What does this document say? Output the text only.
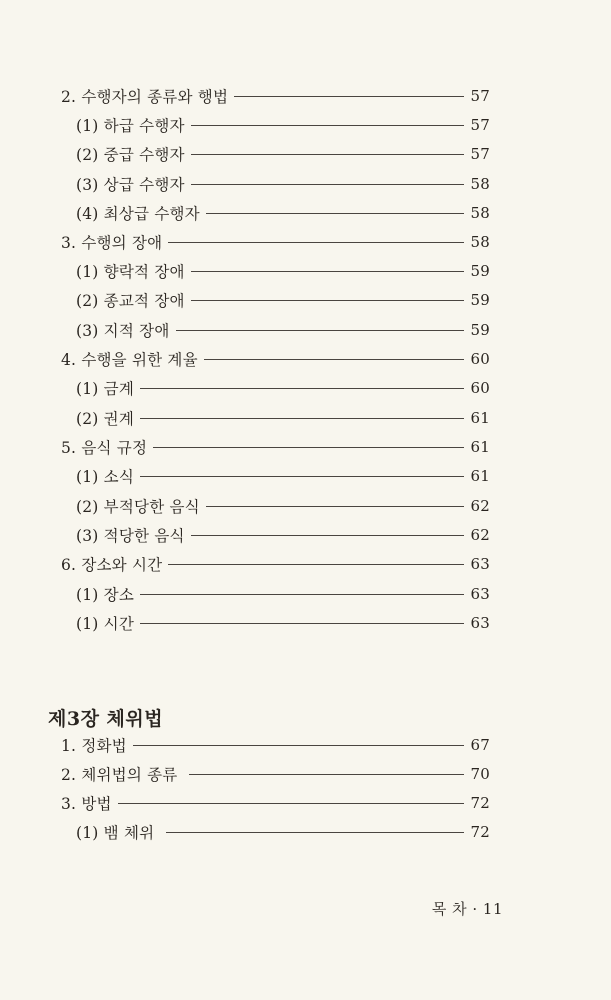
2. 수행자의 종류와 행법	57
(1) 하급 수행자	57
(2) 중급 수행자	57
(3) 상급 수행자	58
(4) 최상급 수행자	58
3. 수행의 장애	58
(1) 향락적 장애	59
(2) 종교적 장애	59
(3) 지적 장애	59
4. 수행을 위한 계율	60
(1) 금계	60
(2) 권계	61
5. 음식 규정	61
(1) 소식	61
(2) 부적당한 음식	62
(3) 적당한 음식	62
6. 장소와 시간	63
(1) 장소	63
(1) 시간	63
제3장 체위법
1. 정화법	67
2. 체위법의 종류	70
3. 방법	72
(1) 뱀 체위	72
목 차 · 11
